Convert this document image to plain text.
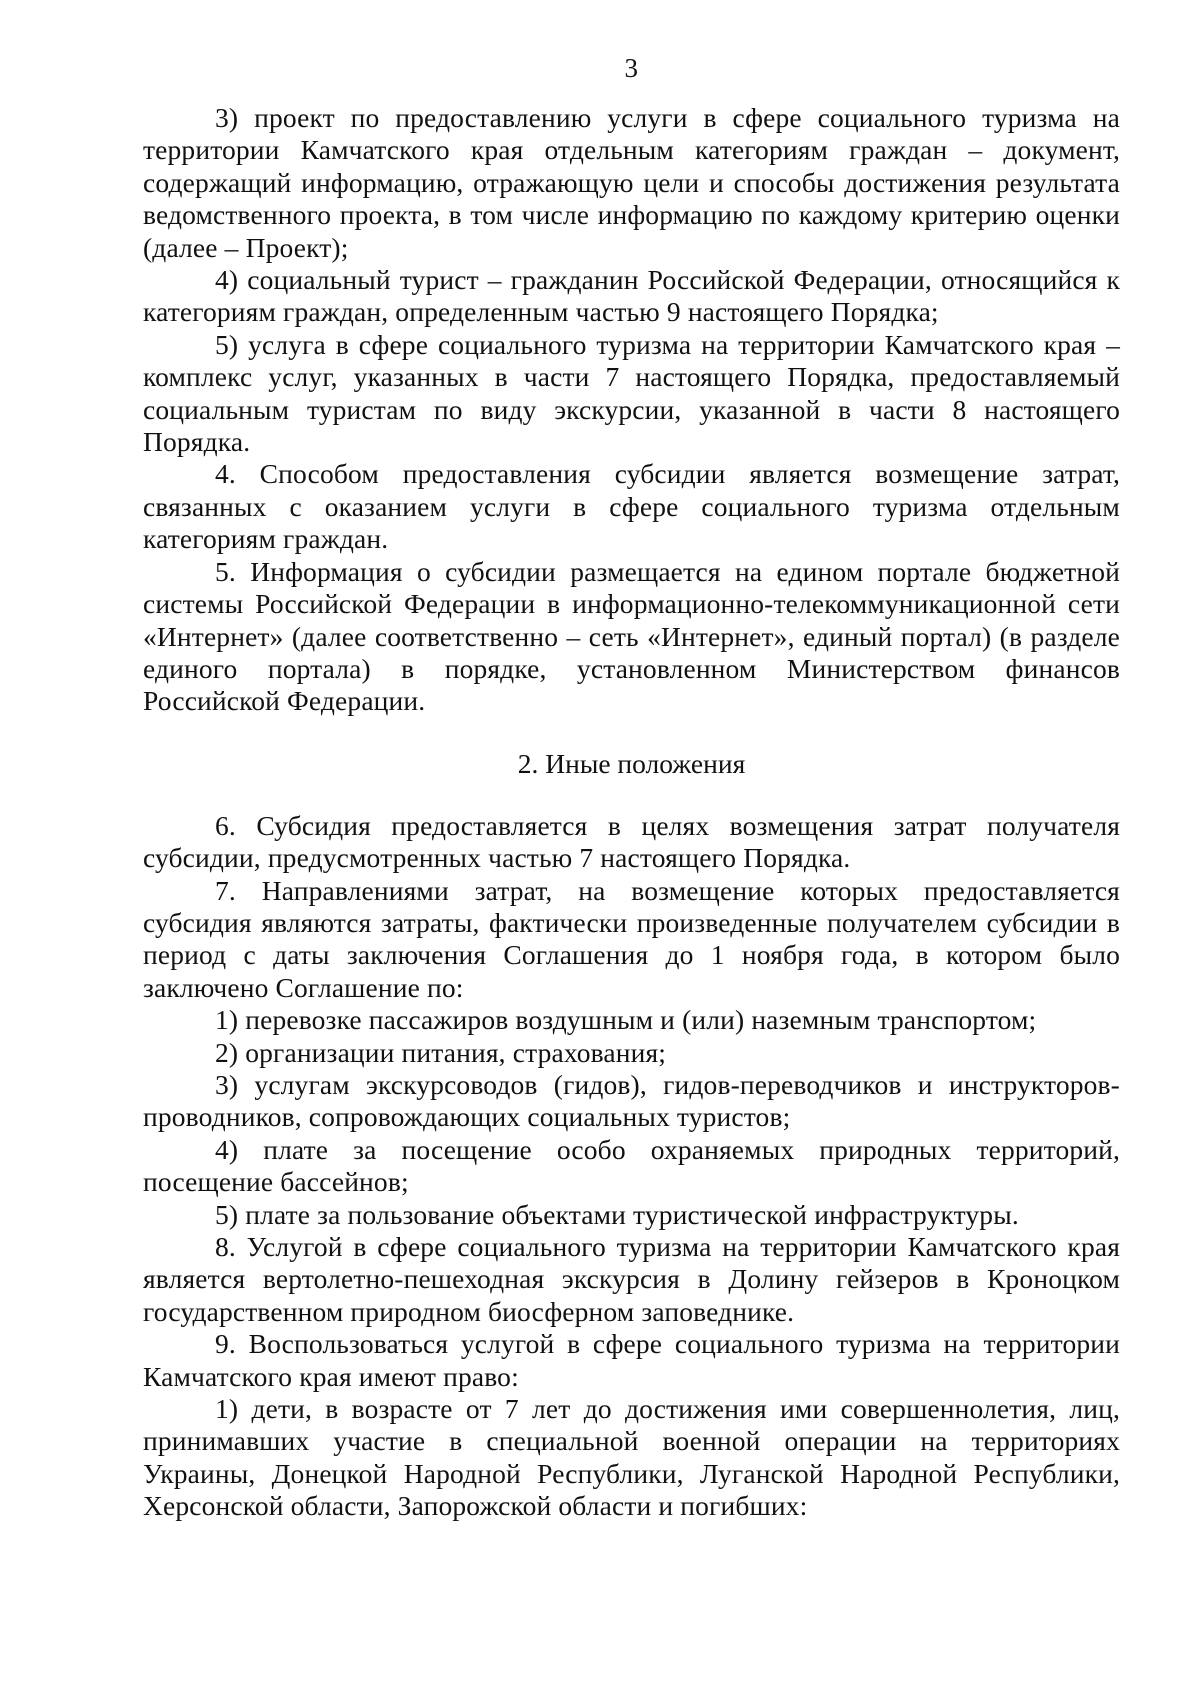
3

3) проект по предоставлению услуги в сфере социального туризма на территории Камчатского края отдельным категориям граждан – документ, содержащий информацию, отражающую цели и способы достижения результата ведомственного проекта, в том числе информацию по каждому критерию оценки (далее – Проект);

4) социальный турист – гражданин Российской Федерации, относящийся к категориям граждан, определенным частью 9 настоящего Порядка;

5) услуга в сфере социального туризма на территории Камчатского края – комплекс услуг, указанных в части 7 настоящего Порядка, предоставляемый социальным туристам по виду экскурсии, указанной в части 8 настоящего Порядка.

4. Способом предоставления субсидии является возмещение затрат, связанных с оказанием услуги в сфере социального туризма отдельным категориям граждан.

5. Информация о субсидии размещается на едином портале бюджетной системы Российской Федерации в информационно-телекоммуникационной сети «Интернет» (далее соответственно – сеть «Интернет», единый портал) (в разделе единого портала) в порядке, установленном Министерством финансов Российской Федерации.

2. Иные положения

6. Субсидия предоставляется в целях возмещения затрат получателя субсидии, предусмотренных частью 7 настоящего Порядка.

7. Направлениями затрат, на возмещение которых предоставляется субсидия являются затраты, фактически произведенные получателем субсидии в период с даты заключения Соглашения до 1 ноября года, в котором было заключено Соглашение по:

1) перевозке пассажиров воздушным и (или) наземным транспортом;

2) организации питания, страхования;

3) услугам экскурсоводов (гидов), гидов-переводчиков и инструкторов-проводников, сопровождающих социальных туристов;

4) плате за посещение особо охраняемых природных территорий, посещение бассейнов;

5) плате за пользование объектами туристической инфраструктуры.

8. Услугой в сфере социального туризма на территории Камчатского края является вертолетно-пешеходная экскурсия в Долину гейзеров в Кроноцком государственном природном биосферном заповеднике.

9. Воспользоваться услугой в сфере социального туризма на территории Камчатского края имеют право:

1) дети, в возрасте от 7 лет до достижения ими совершеннолетия, лиц, принимавших участие в специальной военной операции на территориях Украины, Донецкой Народной Республики, Луганской Народной Республики, Херсонской области, Запорожской области и погибших:
